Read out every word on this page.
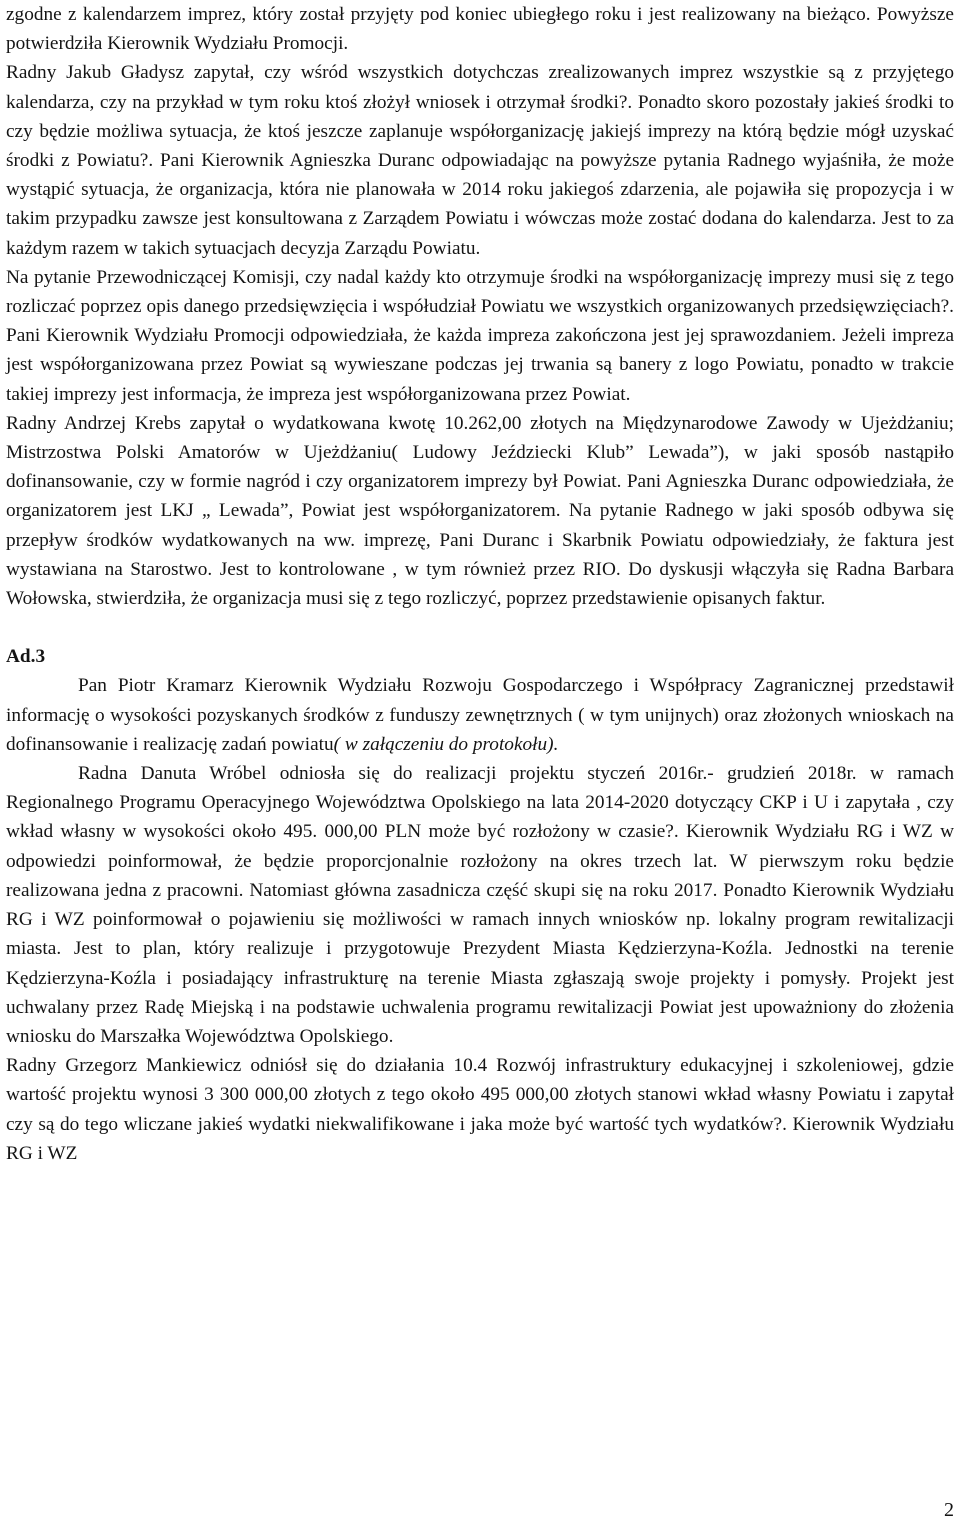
zgodne z kalendarzem imprez, który został przyjęty pod koniec ubiegłego roku i jest realizowany na bieżąco. Powyższe potwierdziła Kierownik Wydziału Promocji.

Radny Jakub Gładysz zapytał, czy wśród wszystkich dotychczas zrealizowanych imprez wszystkie są z przyjętego kalendarza, czy na przykład w tym roku ktoś złożył wniosek i otrzymał środki?. Ponadto skoro pozostały jakieś środki to czy będzie możliwa sytuacja, że ktoś jeszcze zaplanuje współorganizację jakiejś imprezy na którą będzie mógł uzyskać środki z Powiatu?. Pani Kierownik Agnieszka Duranc odpowiadając na powyższe pytania Radnego wyjaśniła, że może wystąpić sytuacja, że organizacja, która nie planowała w 2014 roku jakiegoś zdarzenia, ale pojawiła się propozycja i w takim przypadku zawsze jest konsultowana z Zarządem Powiatu i wówczas może zostać dodana do kalendarza. Jest to za każdym razem w takich sytuacjach decyzja Zarządu Powiatu.

Na pytanie Przewodniczącej Komisji, czy nadal każdy kto otrzymuje środki na współorganizację imprezy musi się z tego rozliczać poprzez opis danego przedsięwzięcia i współudział Powiatu we wszystkich organizowanych przedsięwzięciach?. Pani Kierownik Wydziału Promocji odpowiedziała, że każda impreza zakończona jest jej sprawozdaniem. Jeżeli impreza jest współorganizowana przez Powiat są wywieszane podczas jej trwania są banery z logo Powiatu, ponadto w trakcie takiej imprezy jest informacja, że impreza jest współorganizowana przez Powiat.

Radny Andrzej Krebs zapytał o wydatkowana kwotę 10.262,00 złotych na Międzynarodowe Zawody w Ujeżdżaniu; Mistrzostwa Polski Amatorów w Ujeżdżaniu( Ludowy Jeździecki Klub” Lewada”), w jaki sposób nastąpiło dofinansowanie, czy w formie nagród i czy organizatorem imprezy był Powiat. Pani Agnieszka Duranc odpowiedziała, że organizatorem jest LKJ „ Lewada”, Powiat jest współorganizatorem. Na pytanie Radnego w jaki sposób odbywa się przepływ środków wydatkowanych na ww. imprezę, Pani Duranc i Skarbnik Powiatu odpowiedziały, że faktura jest wystawiana na Starostwo. Jest to kontrolowane , w tym również przez RIO. Do dyskusji włączyła się Radna Barbara Wołowska, stwierdziła, że organizacja musi się z tego rozliczyć, poprzez przedstawienie opisanych faktur.

Ad.3

Pan Piotr Kramarz Kierownik Wydziału Rozwoju Gospodarczego i Współpracy Zagranicznej przedstawił informację o wysokości pozyskanych środków z funduszy zewnętrznych ( w tym unijnych) oraz złożonych wnioskach na dofinansowanie i realizację zadań powiatu( w załączeniu do protokołu).

Radna Danuta Wróbel odniosła się do realizacji projektu styczeń 2016r.- grudzień 2018r. w ramach Regionalnego Programu Operacyjnego Województwa Opolskiego na lata 2014-2020 dotyczący CKP i U i zapytała , czy wkład własny w wysokości około 495. 000,00 PLN może być rozłożony w czasie?. Kierownik Wydziału RG i WZ w odpowiedzi poinformował, że będzie proporcjonalnie rozłożony na okres trzech lat. W pierwszym roku będzie realizowana jedna z pracowni. Natomiast główna zasadnicza część skupi się na roku 2017. Ponadto Kierownik Wydziału RG i WZ poinformował o pojawieniu się możliwości w ramach innych wniosków np. lokalny program rewitalizacji miasta. Jest to plan, który realizuje i przygotowuje Prezydent Miasta Kędzierzyna-Koźla. Jednostki na terenie Kędzierzyna-Koźla i posiadający infrastrukturę na terenie Miasta zgłaszają swoje projekty i pomysły. Projekt jest uchwalany przez Radę Miejską i na podstawie uchwalenia programu rewitalizacji Powiat jest upoważniony do złożenia wniosku do Marszałka Województwa Opolskiego.

Radny Grzegorz Mankiewicz odniósł się do działania 10.4 Rozwój infrastruktury edukacyjnej i szkoleniowej, gdzie wartość projektu wynosi 3 300 000,00 złotych z tego około 495 000,00 złotych stanowi wkład własny Powiatu i zapytał czy są do tego wliczane jakieś wydatki niekwalifikowane i jaka może być wartość tych wydatków?. Kierownik Wydziału RG i WZ

2
